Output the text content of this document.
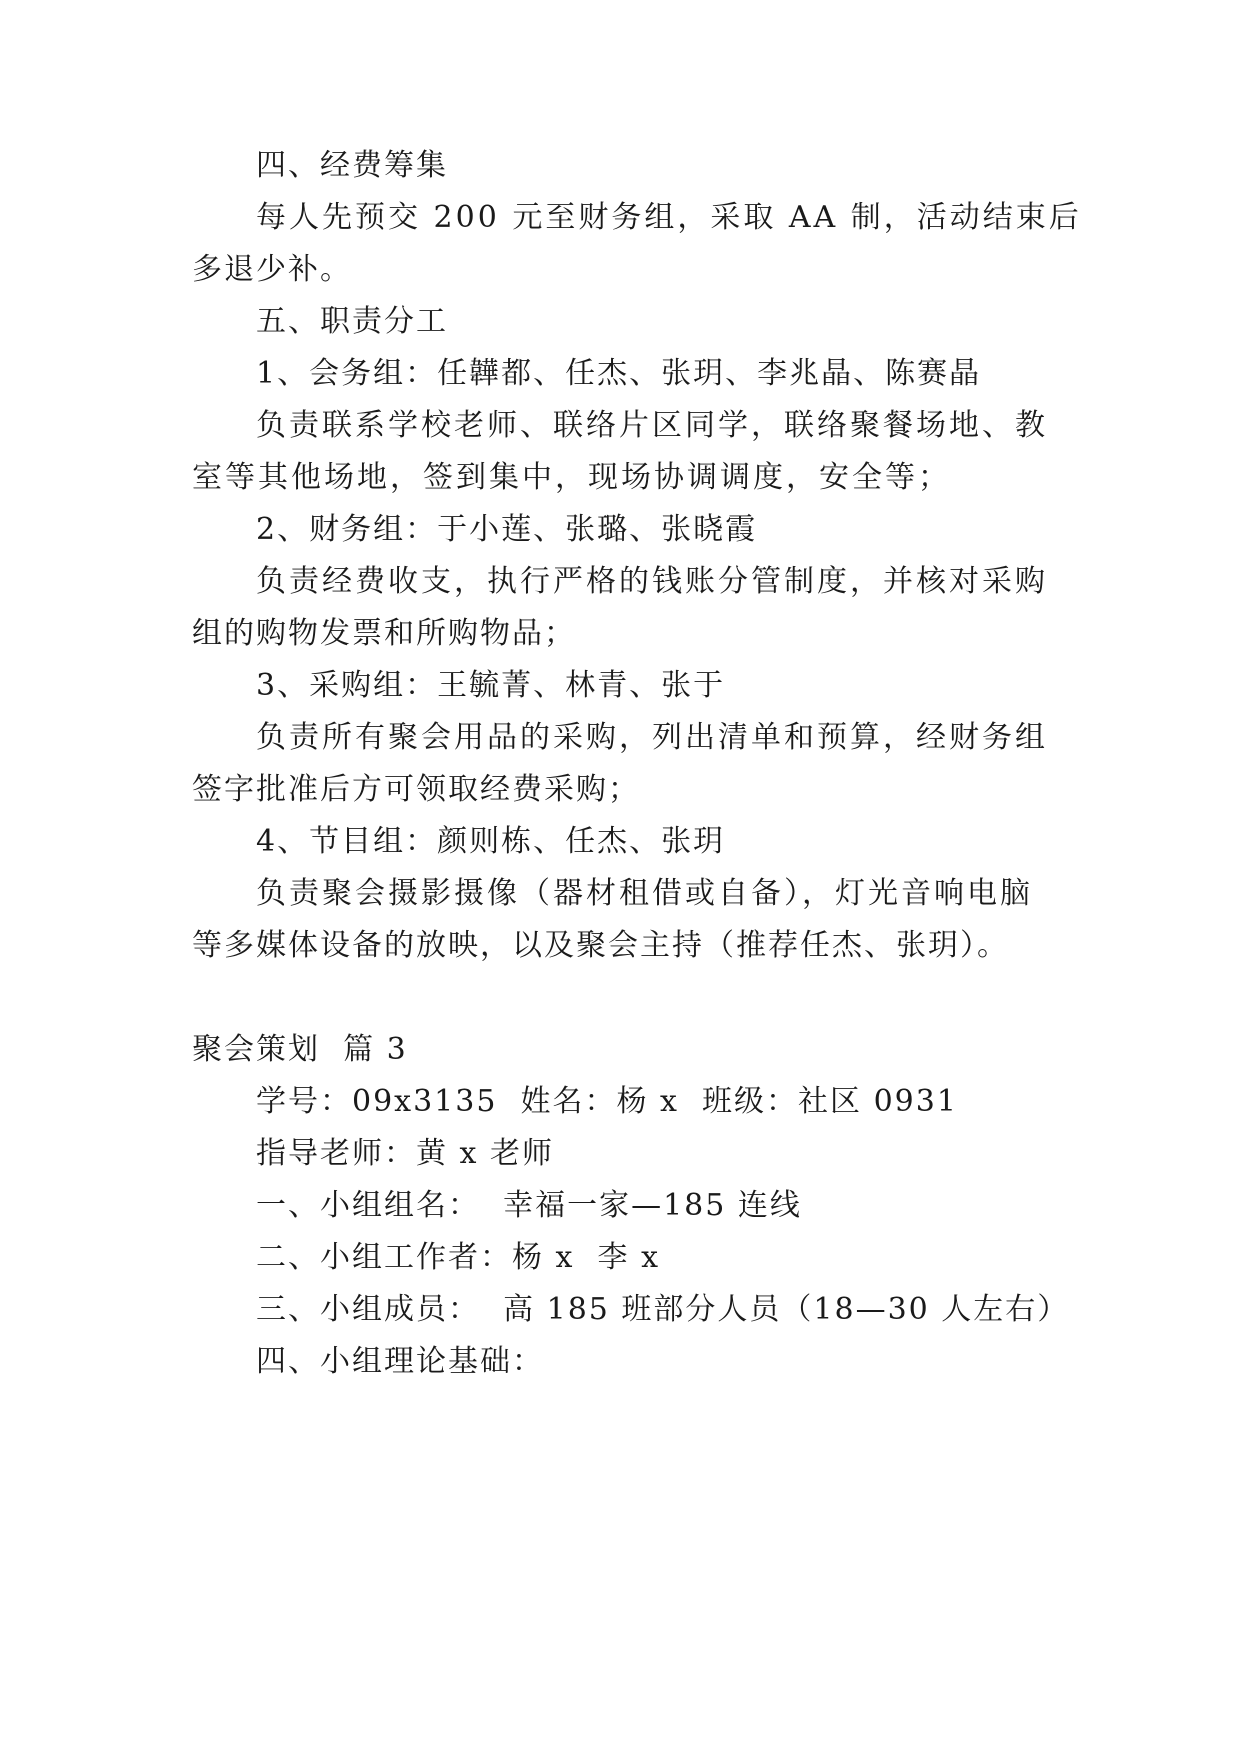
四、经费筹集
每人先预交 200 元至财务组，采取 AA 制，活动结束后
多退少补。
五、职责分工
1、会务组：任韡都、任杰、张玥、李兆晶、陈赛晶
负责联系学校老师、联络片区同学，联络聚餐场地、教
室等其他场地，签到集中，现场协调调度，安全等；
2、财务组：于小莲、张璐、张晓霞
负责经费收支，执行严格的钱账分管制度，并核对采购
组的购物发票和所购物品；
3、采购组：王毓菁、林青、张于
负责所有聚会用品的采购，列出清单和预算，经财务组
签字批准后方可领取经费采购；
4、节目组：颜则栋、任杰、张玥
负责聚会摄影摄像（器材租借或自备），灯光音响电脑
等多媒体设备的放映，以及聚会主持（推荐任杰、张玥）。
聚会策划  篇 3
学号：09x3135  姓名：杨 x  班级：社区 0931
指导老师：黄 x 老师
一、小组组名：  幸福一家—185 连线
二、小组工作者：杨 x  李 x
三、小组成员：  高 185 班部分人员（18—30 人左右）
四、小组理论基础：
